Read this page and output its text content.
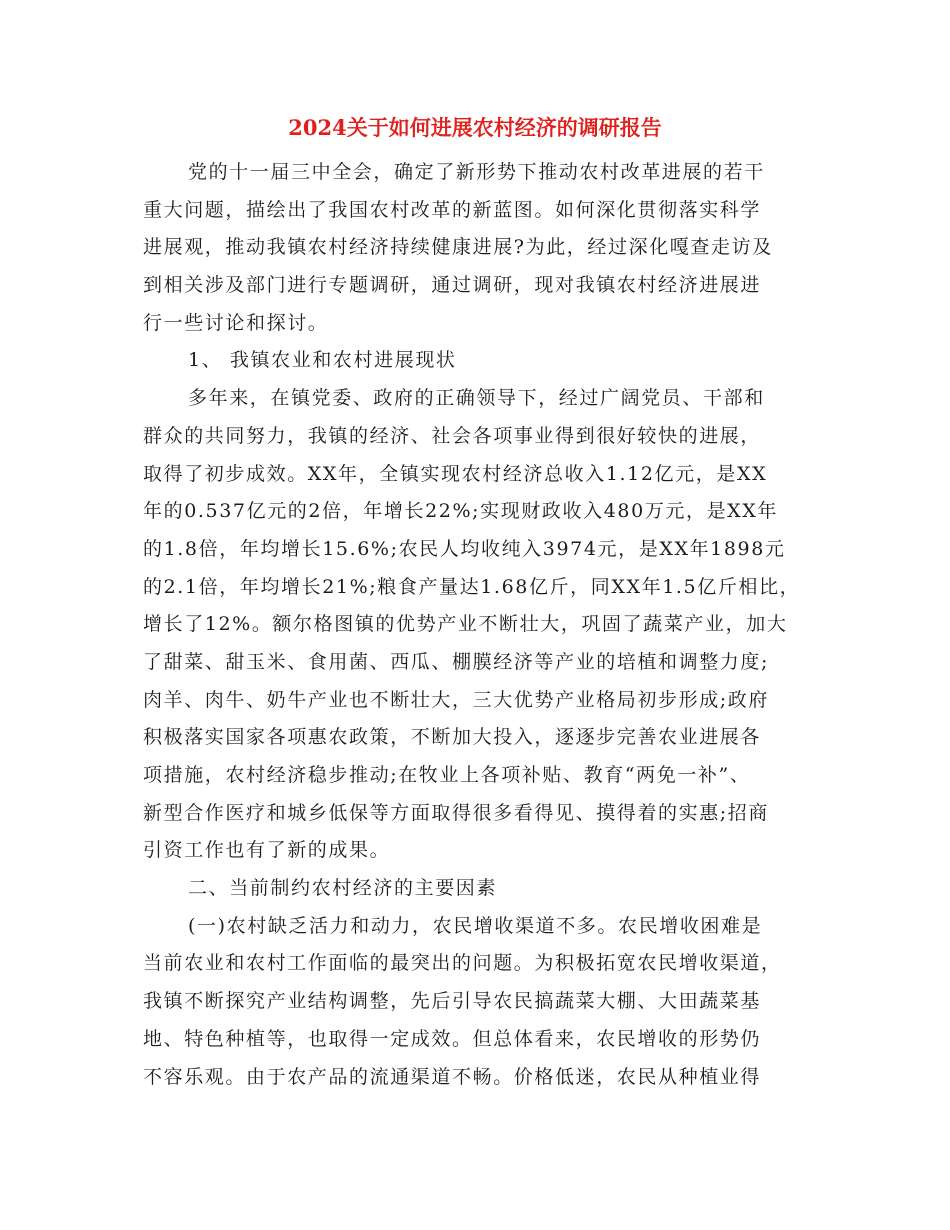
2024关于如何进展农村经济的调研报告
党的十一届三中全会，确定了新形势下推动农村改革进展的若干
重大问题，描绘出了我国农村改革的新蓝图。如何深化贯彻落实科学
进展观，推动我镇农村经济持续健康进展?为此，经过深化嘎查走访及
到相关涉及部门进行专题调研，通过调研，现对我镇农村经济进展进
行一些讨论和探讨。
1、 我镇农业和农村进展现状
多年来，在镇党委、政府的正确领导下，经过广阔党员、干部和
群众的共同努力，我镇的经济、社会各项事业得到很好较快的进展，
取得了初步成效。XX年，全镇实现农村经济总收入1.12亿元，是XX
年的0.537亿元的2倍，年增长22%;实现财政收入480万元，是XX年
的1.8倍，年均增长15.6%;农民人均收纯入3974元，是XX年1898元
的2.1倍，年均增长21%;粮食产量达1.68亿斤，同XX年1.5亿斤相比，
增长了12%。额尔格图镇的优势产业不断壮大，巩固了蔬菜产业，加大
了甜菜、甜玉米、食用菌、西瓜、棚膜经济等产业的培植和调整力度;
肉羊、肉牛、奶牛产业也不断壮大，三大优势产业格局初步形成;政府
积极落实国家各项惠农政策，不断加大投入，逐逐步完善农业进展各
项措施，农村经济稳步推动;在牧业上各项补贴、教育“两免一补”、
新型合作医疗和城乡低保等方面取得很多看得见、摸得着的实惠;招商
引资工作也有了新的成果。
二、当前制约农村经济的主要因素
(一)农村缺乏活力和动力，农民增收渠道不多。农民增收困难是
当前农业和农村工作面临的最突出的问题。为积极拓宽农民增收渠道，
我镇不断探究产业结构调整，先后引导农民搞蔬菜大棚、大田蔬菜基
地、特色种植等，也取得一定成效。但总体看来，农民增收的形势仍
不容乐观。由于农产品的流通渠道不畅。价格低迷，农民从种植业得
